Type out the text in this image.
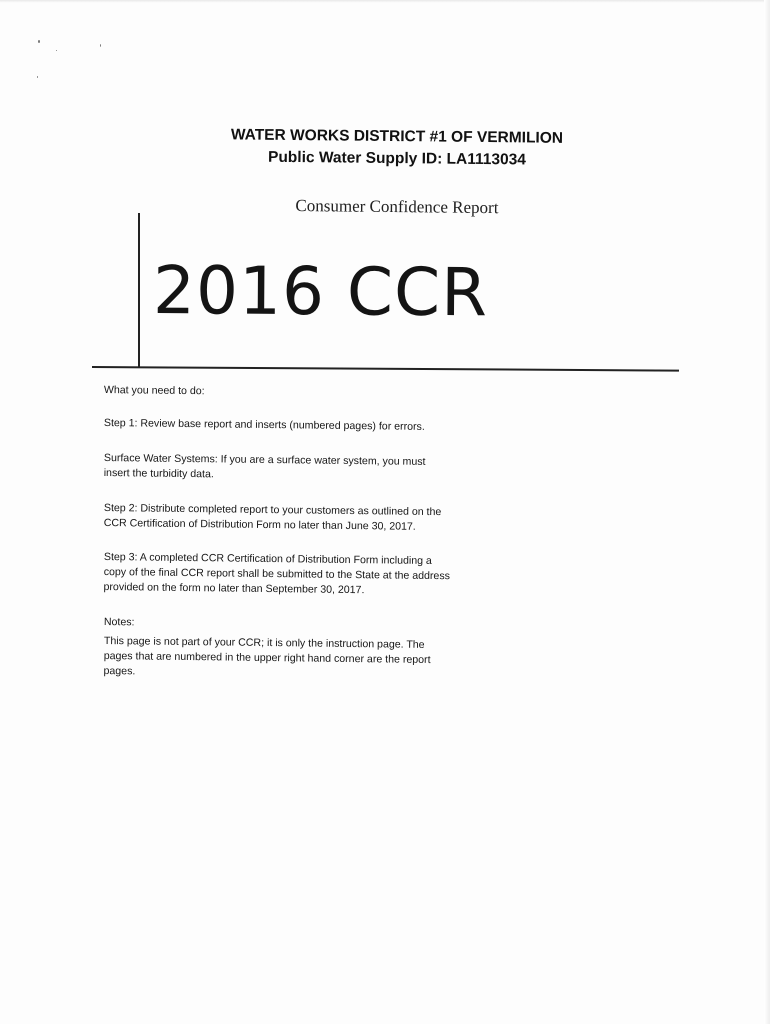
WATER WORKS DISTRICT #1 OF VERMILION
Public Water Supply ID: LA1113034
Consumer Confidence Report
2016 CCR

What you need to do:

Step 1: Review base report and inserts (numbered pages) for errors.

Surface Water Systems: If you are a surface water system, you must
insert the turbidity data.

Step 2: Distribute completed report to your customers as outlined on the
CCR Certification of Distribution Form no later than June 30, 2017.

Step 3: A completed CCR Certification of Distribution Form including a
copy of the final CCR report shall be submitted to the State at the address
provided on the form no later than September 30, 2017.

Notes:

This page is not part of your CCR; it is only the instruction page. The
pages that are numbered in the upper right hand corner are the report
pages.
